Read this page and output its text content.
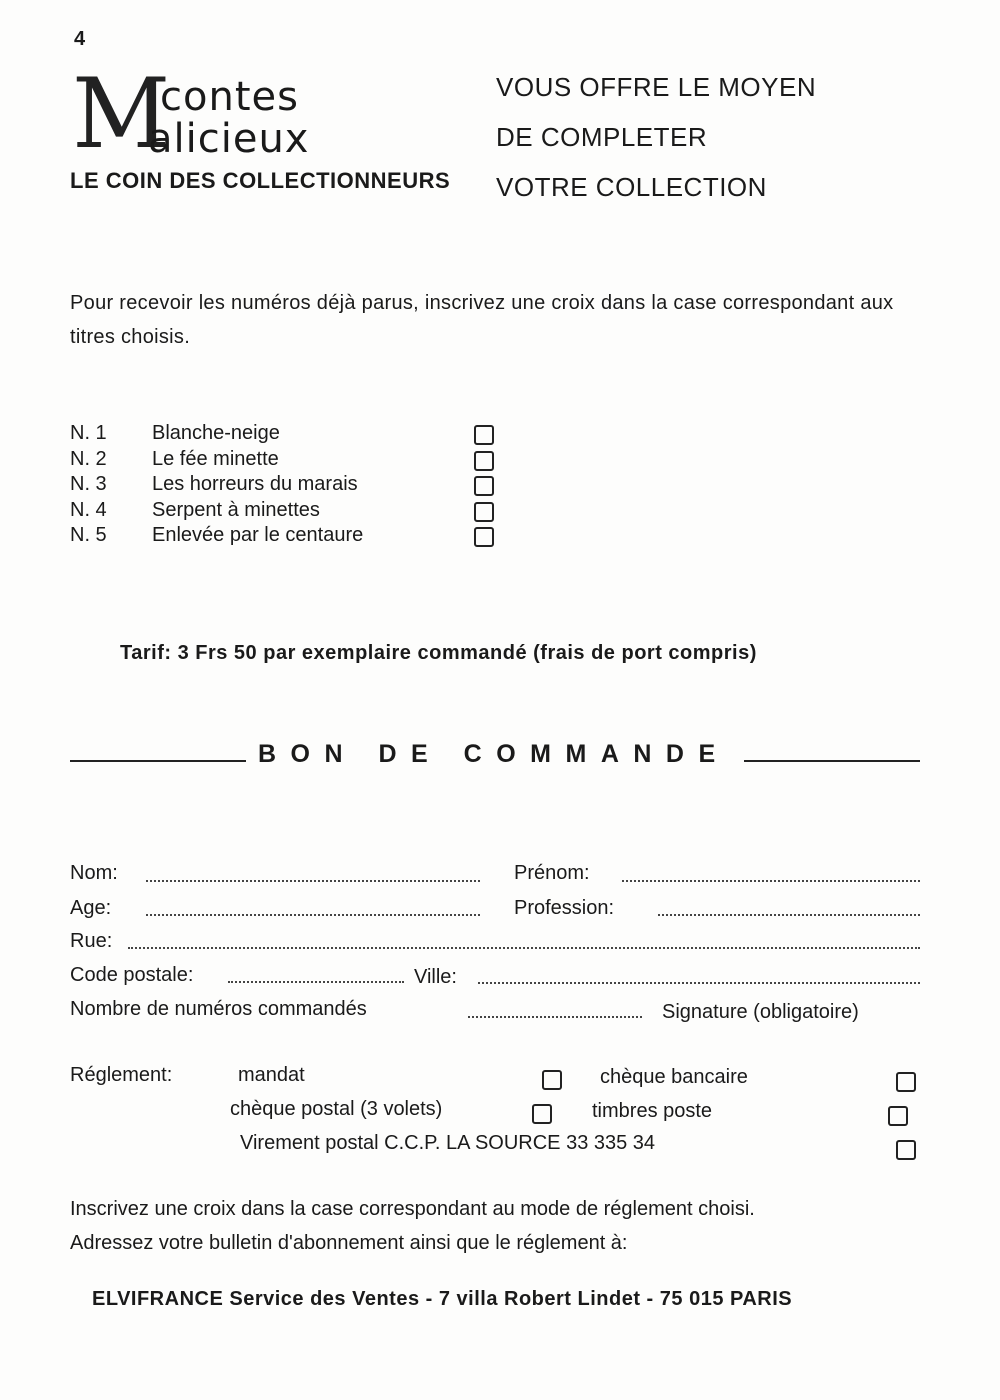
4
M
contes
alicieux
LE COIN DES COLLECTIONNEURS
VOUS OFFRE LE MOYEN
DE COMPLETER
VOTRE COLLECTION
Pour recevoir les numéros déjà parus, inscrivez une croix dans la case correspondant aux titres choisis.
N. 1 Blanche-neige
N. 2 Le fée minette
N. 3 Les horreurs du marais
N. 4 Serpent à minettes
N. 5 Enlevée par le centaure
Tarif: 3 Frs 50 par exemplaire commandé (frais de port compris)
BON DE COMMANDE
Nom:	Prénom:
Age:	Profession:
Rue:
Code postale:	Ville:
Nombre de numéros commandés	Signature (obligatoire)
Réglement:	mandat	chèque bancaire
chèque postal (3 volets)	timbres poste
Virement postal C.C.P. LA SOURCE 33 335 34
Inscrivez une croix dans la case correspondant au mode de réglement choisi.
Adressez votre bulletin d'abonnement ainsi que le réglement à:
ELVIFRANCE Service des Ventes - 7 villa Robert Lindet - 75 015 PARIS
